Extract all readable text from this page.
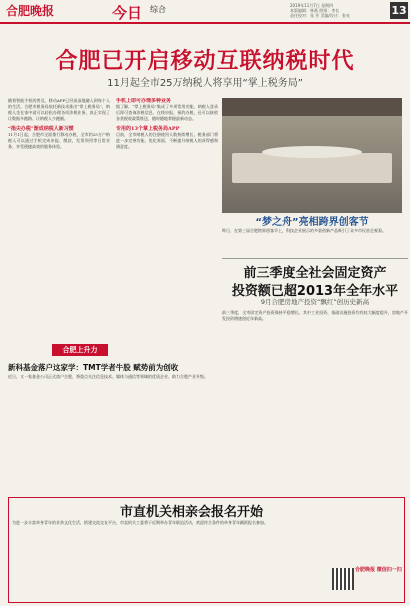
合肥晚报	今日 综合	2019年11月7日 星期四
本版编辑：林燕 照排：李长
责任校对：张 芳 美编/设计：张亮	13
合肥已开启移动互联纳税时代
11月起全市25万纳税人将享用“掌上税务局”
随着智能手机的普及，移动APP已经深深地融入到每个人的生活。合肥市税务局依托新技术推出“掌上税务局”，纳税人坐在家中就可以轻松办理各项涉税业务，真正实现了让数据多跑路、让纳税人少跑腿。
“指尖办税”渐成纳税人新习惯
11月1日起，合肥市全面推行移动办税，全市约25万户纳税人可以通过手机完成申报、缴款、发票领用等日常业务，享受便捷高效的服务体验。
手机上即可办理多种业务
据了解，“掌上税务局”集成了多项常用功能，纳税人登录后即可查询涉税信息、在线申报、预约办税，还可以接收各类税收政策推送，随时随地掌握最新动态。
专用的13个掌上税务局APP
目前，全市纳税人的注册使用人数持续增长，税务部门将进一步完善功能，优化界面，不断提升纳税人的获得感和满意度。
“梦之舟”亮相跨界创客节
昨日，在第三届合肥跨界创客节上，科技企业展示的多款创新产品吸引了众多市民驻足观看。
前三季度全社会固定资产
投资额已超2013年全年水平
9月合肥房地产投资“飘红”创历史新高
前三季度，全市固定资产投资保持平稳增长，其中工业投资、基础设施投资均有较大幅度提升，房地产开发投资增速创近年新高。
合肥上升力
新科基金落户这家学：TMT学者牛股 赋势前为创收
近日，又一家基金公司正式落户合肥，将重点关注信息技术、媒体与通信等领域的优质企业，助力合肥产业升级。
市直机关相亲会报名开始
为进一步丰富单身青年的业余文化生活，搭建交流交友平台，市直机关工委将于近期举办青年联谊活动，欢迎符合条件的单身青年踊跃报名参加。
合肥晚报 微信扫一扫
